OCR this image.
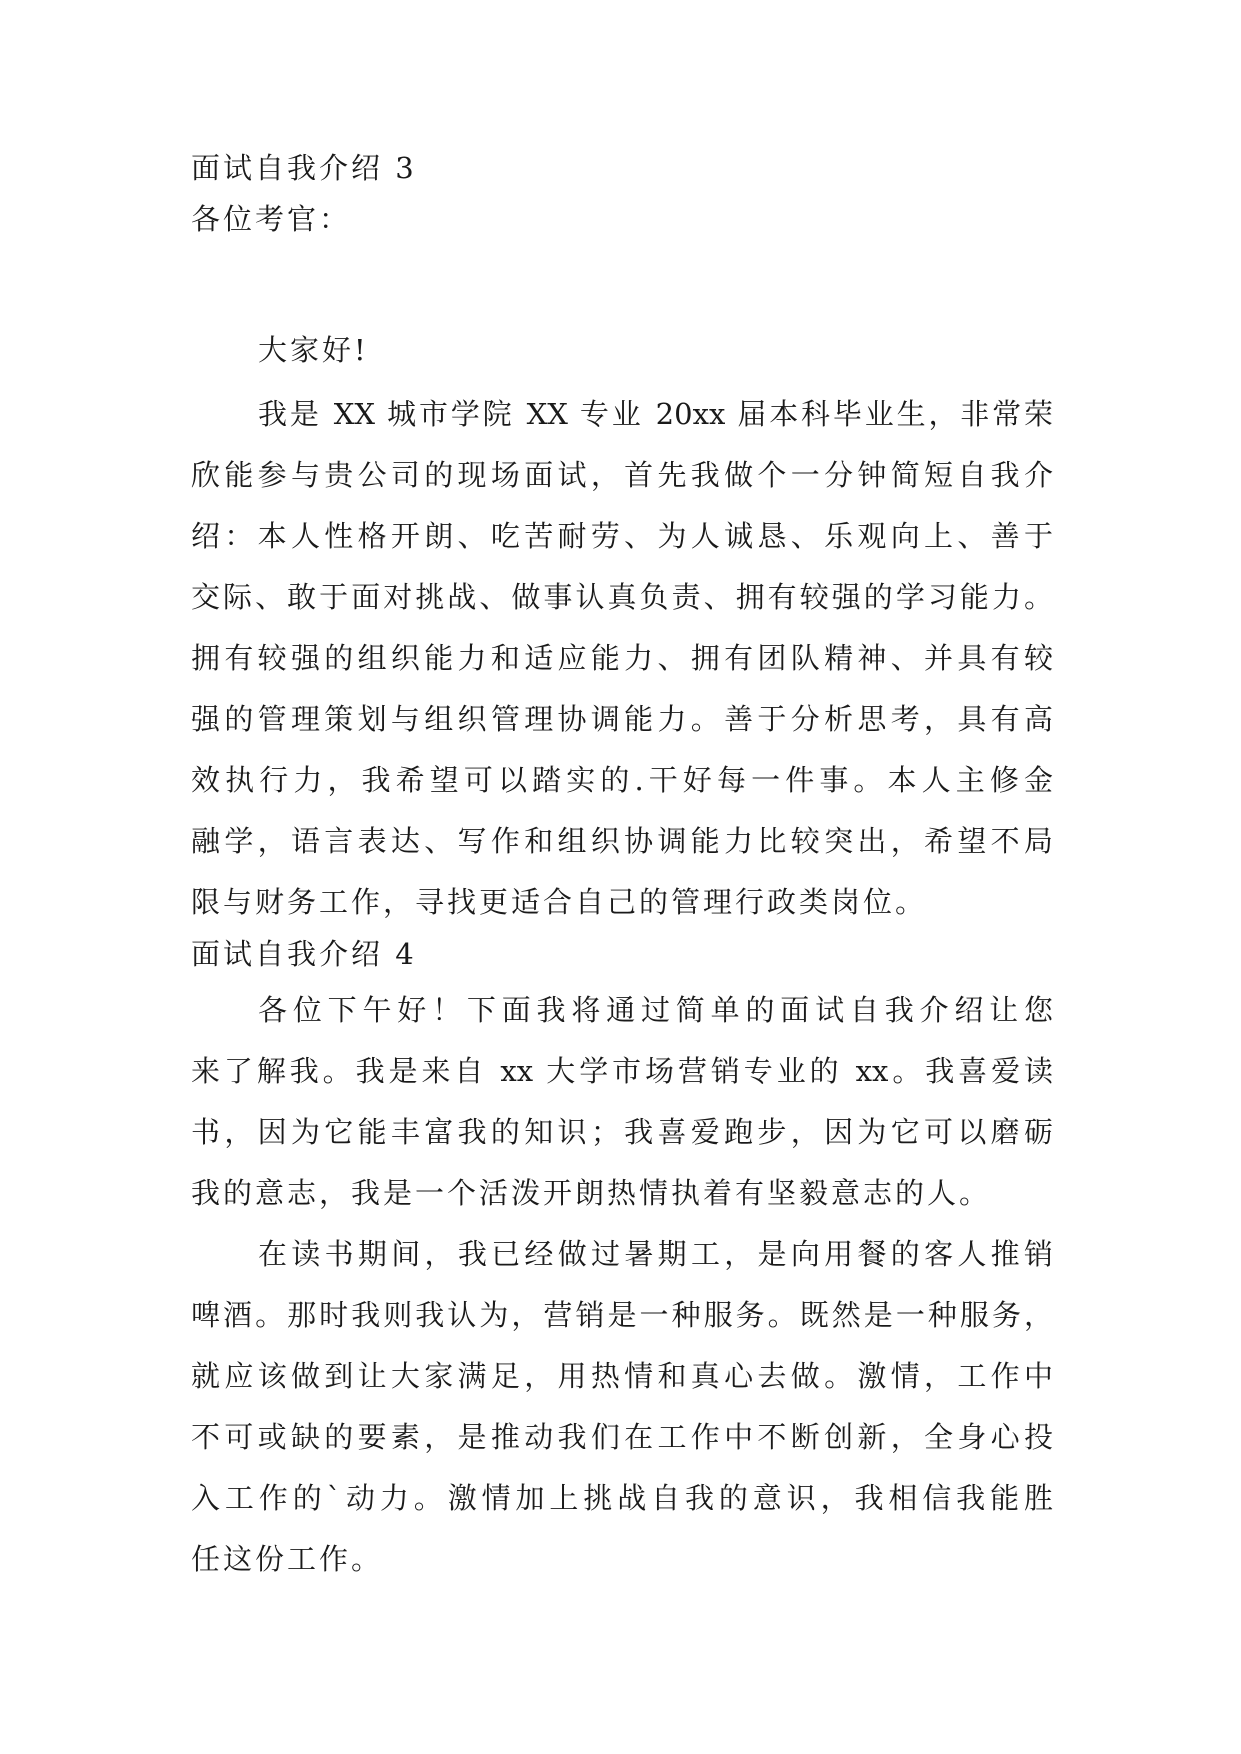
面试自我介绍 3
各位考官：
大家好!
我是 XX 城市学院 XX 专业 20xx 届本科毕业生，非常荣
欣能参与贵公司的现场面试，首先我做个一分钟简短自我介
绍：本人性格开朗、吃苦耐劳、为人诚恳、乐观向上、善于
交际、敢于面对挑战、做事认真负责、拥有较强的学习能力。
拥有较强的组织能力和适应能力、拥有团队精神、并具有较
强的管理策划与组织管理协调能力。善于分析思考，具有高
效执行力，我希望可以踏实的.干好每一件事。本人主修金
融学，语言表达、写作和组织协调能力比较突出，希望不局
限与财务工作，寻找更适合自己的管理行政类岗位。
面试自我介绍 4
各位下午好！下面我将通过简单的面试自我介绍让您
来了解我。我是来自 xx 大学市场营销专业的 xx。我喜爱读
书，因为它能丰富我的知识；我喜爱跑步，因为它可以磨砺
我的意志，我是一个活泼开朗热情执着有坚毅意志的人。
在读书期间，我已经做过暑期工，是向用餐的客人推销
啤酒。那时我则我认为，营销是一种服务。既然是一种服务，
就应该做到让大家满足，用热情和真心去做。激情，工作中
不可或缺的要素，是推动我们在工作中不断创新，全身心投
入工作的`动力。激情加上挑战自我的意识，我相信我能胜
任这份工作。
